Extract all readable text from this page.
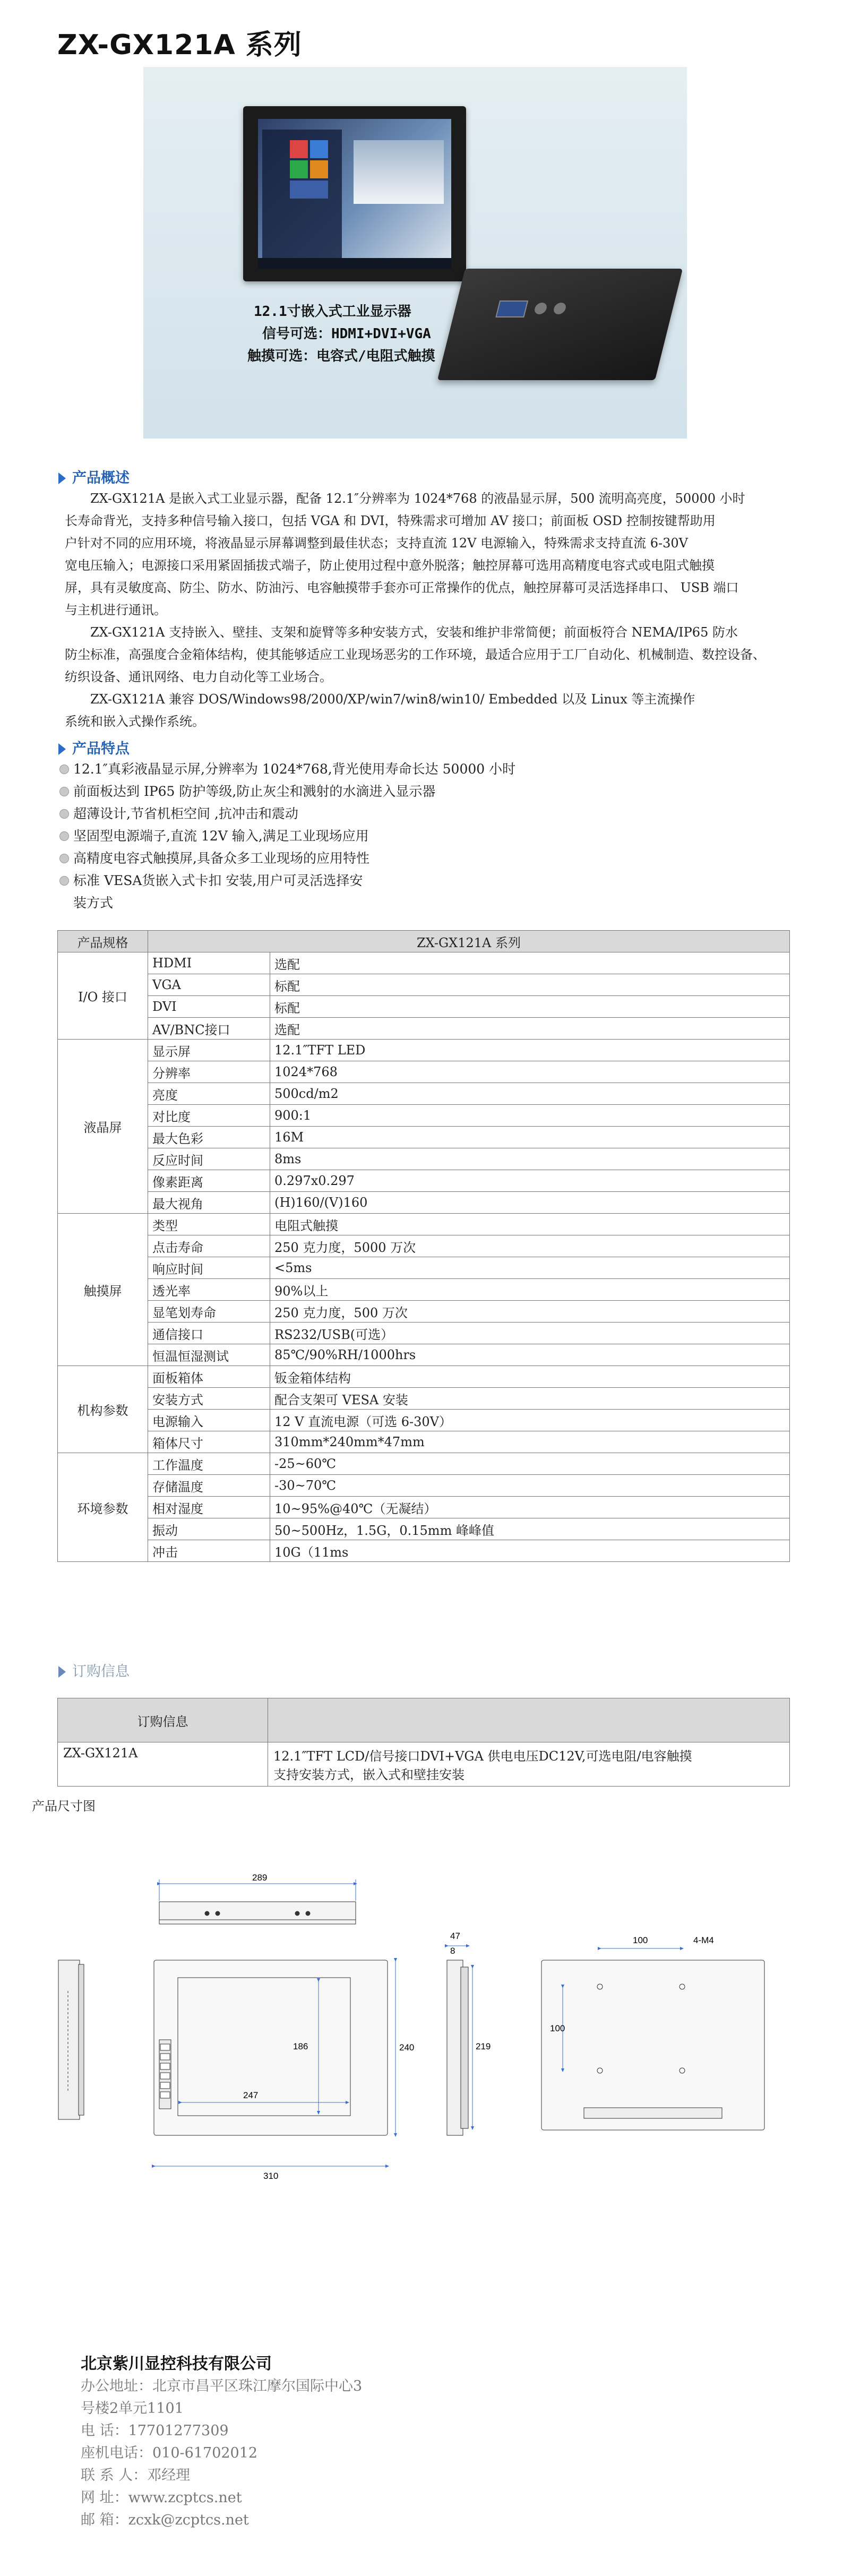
ZX-GX121A 系列
12.1寸嵌入式工业显示器
信号可选：HDMI+DVI+VGA
触摸可选：电容式/电阻式触摸
产品概述
ZX-GX121A 是嵌入式工业显示器，配备 12.1″分辨率为 1024*768 的液晶显示屏，500 流明高亮度，50000 小时
长寿命背光，支持多种信号输入接口，包括 VGA 和 DVI，特殊需求可增加 AV 接口；前面板 OSD 控制按键帮助用
户针对不同的应用环境，将液晶显示屏幕调整到最佳状态；支持直流 12V 电源输入，特殊需求支持直流 6-30V
宽电压输入；电源接口采用紧固插拔式端子，防止使用过程中意外脱落；触控屏幕可选用高精度电容式或电阻式触摸
屏，具有灵敏度高、防尘、防水、防油污、电容触摸带手套亦可正常操作的优点，触控屏幕可灵活选择串口、 USB 端口
与主机进行通讯。
ZX-GX121A 支持嵌入、壁挂、支架和旋臂等多种安装方式，安装和维护非常简便；前面板符合 NEMA/IP65 防水
防尘标准，高强度合金箱体结构，使其能够适应工业现场恶劣的工作环境，最适合应用于工厂自动化、机械制造、数控设备、
纺织设备、通讯网络、电力自动化等工业场合。
ZX-GX121A 兼容 DOS/Windows98/2000/XP/win7/win8/win10/ Embedded 以及 Linux 等主流操作
系统和嵌入式操作系统。
产品特点
12.1″真彩液晶显示屏,分辨率为 1024*768,背光使用寿命长达 50000 小时
前面板达到 IP65 防护等级,防止灰尘和溅射的水滴进入显示器
超薄设计,节省机柜空间 ,抗冲击和震动
坚固型电源端子,直流 12V 输入,满足工业现场应用
高精度电容式触摸屏,具备众多工业现场的应用特性
标准 VESA货嵌入式卡扣 安装,用户可灵活选择安
装方式
产品规格	ZX-GX121A 系列	
I/O 接口	HDMI	选配
	VGA	标配
	DVI	标配
	AV/BNC接口	选配
液晶屏	显示屏	12.1″TFT LED
	分辨率	1024*768
	亮度	500cd/m2
	对比度	900:1
	最大色彩	16M
	反应时间	8ms
	像素距离	0.297x0.297
	最大视角	(H)160/(V)160
触摸屏	类型	电阻式触摸
	点击寿命	250 克力度，5000 万次
	响应时间	<5ms
	透光率	90%以上
	显笔划寿命	250 克力度，500 万次
	通信接口	RS232/USB(可选）
	恒温恒湿测试	85℃/90%RH/1000hrs
机构参数	面板箱体	钣金箱体结构
	安装方式	配合支架可 VESA 安装
	电源输入	12 V 直流电源（可选 6-30V）
	箱体尺寸	310mm*240mm*47mm
环境参数	工作温度	-25~60℃
	存储温度	-30~70℃
	相对湿度	10~95%@40℃（无凝结）
	振动	50~500Hz，1.5G，0.15mm 峰峰值
	冲击	10G（11ms
订购信息
订购信息	
ZX-GX121A	12.1″TFT LCD/信号接口DVI+VGA 供电电压DC12V,可选电阻/电容触摸
支持安装方式，嵌入式和壁挂安装
产品尺寸图
289
247
186	240
310
47
8
219
100
100
4-M4
北京紫川显控科技有限公司
办公地址：北京市昌平区珠江摩尔国际中心3
号楼2单元1101
电 话：17701277309
座机电话：010-61702012
联 系 人：邓经理
网 址：www.zcptcs.net
邮 箱：zcxk@zcptcs.net
